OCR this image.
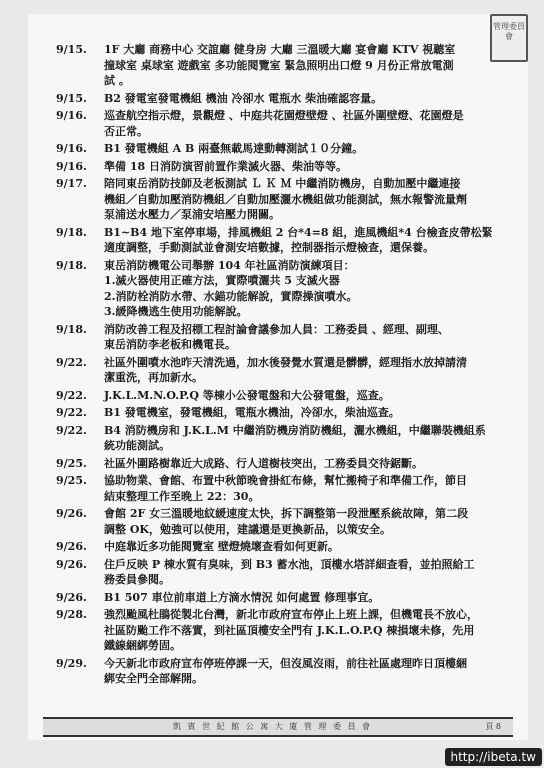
管理委員會
9/15.	1F 大廳 商務中心 交誼廳 健身房 大廳 三溫暖大廳 宴會廳 KTV 視聽室
撞球室 桌球室 遊戲室 多功能閱覽室 緊急照明出口燈 9 月份正常放電測
試 。
9/15.	B2 發電室發電機組 機油 冷卻水 電瓶水 柴油確認容量。
9/16.	巡查航空指示燈，景觀燈 、中庭共花園燈壁燈 、社區外圍壁燈、花園燈是
否正常。
9/16.	B1 發電機組 A B 兩臺無載馬達動轉測試１０分鐘。
9/16.	準備 18 日消防演習前置作業滅火器、柴油等等。
9/17.	陪同東岳消防技師及老板測試 Ｌ Ｋ Ｍ 中繼消防機房，自動加壓中繼連接
機組／自動加壓消防機組／自動加壓灑水機組做功能測試，無水報警流量劑
泵浦送水壓力／泵浦安培壓力開關。
9/18.	B1~B4 地下室停車場，排風機組 2 台*4=8 組，進風機組*4 台檢查皮帶松緊
適度調整，手動測試並會測安培數據，控制器指示燈檢查，還保養。
9/18.	東岳消防機電公司舉辦 104 年社區消防演練項目：
1.滅火器使用正確方法，實際噴灑共 5 支滅火器
2.消防栓消防水帶、水錨功能解說，實際操演噴水。
3.緩降機逃生使用功能解說。
9/18.	消防改善工程及招標工程討論會議參加人員：工務委員 、經理、副理、
東岳消防李老板和機電長。
9/22.	社區外圍噴水池昨天清洗過，加水後發覺水質還是髒髒，經理指水放掉請清
潔重洗，再加新水。
9/22.	J.K.L.M.N.O.P.Q 等棟小公發電盤和大公發電盤，巡查。
9/22.	B1 發電機室，發電機組，電瓶水機油，冷卻水，柴油巡查。
9/22.	B4 消防機房和 J.K.L.M 中繼消防機房消防機組，灑水機組，中繼聯裝機組系
統功能測試。
9/25.	社區外圍路樹靠近大成路、行人道樹枝突出，工務委員交待鋸斷。
9/25.	協助物業、會館、布置中秋節晚會掛紅布條，幫忙搬椅子和準備工作，節目
結束整理工作至晚上 22：30。
9/26.	會館 2F 女三溫暖地紋緩速度太快，拆下調整第一段泄壓系統故障，第二段
調整 OK，勉強可以使用，建議還是更換新品，以策安全。
9/26.	中庭靠近多功能閱覽室 壁燈燒壞查看如何更新。
9/26.	住戶反映 P 棟水質有臭味，到 B3 蓄水池，頂樓水塔詳細查看，並拍照給工
務委員參閱。
9/26.	B1 507 車位前車道上方滴水情況 如何處置 修理事宜。
9/28.	強烈颱風杜鵑從製北台灣，新北市政府宣布停止上班上課，但機電長不放心，
社區防颱工作不落實，到社區頂樓安全門有 J.K.L.O.P.Q 棟損壞未修，先用
鐵線綑綁勞固。
9/29.	今天新北市政府宣布停班停課一天，但沒風沒雨，前往社區處理昨日頂樓綑
綁安全門全部解開。
凱 賓 世 紀 館 公 寓 大 廈 管 理 委 員 會	頁 8
http://ibeta.tw
